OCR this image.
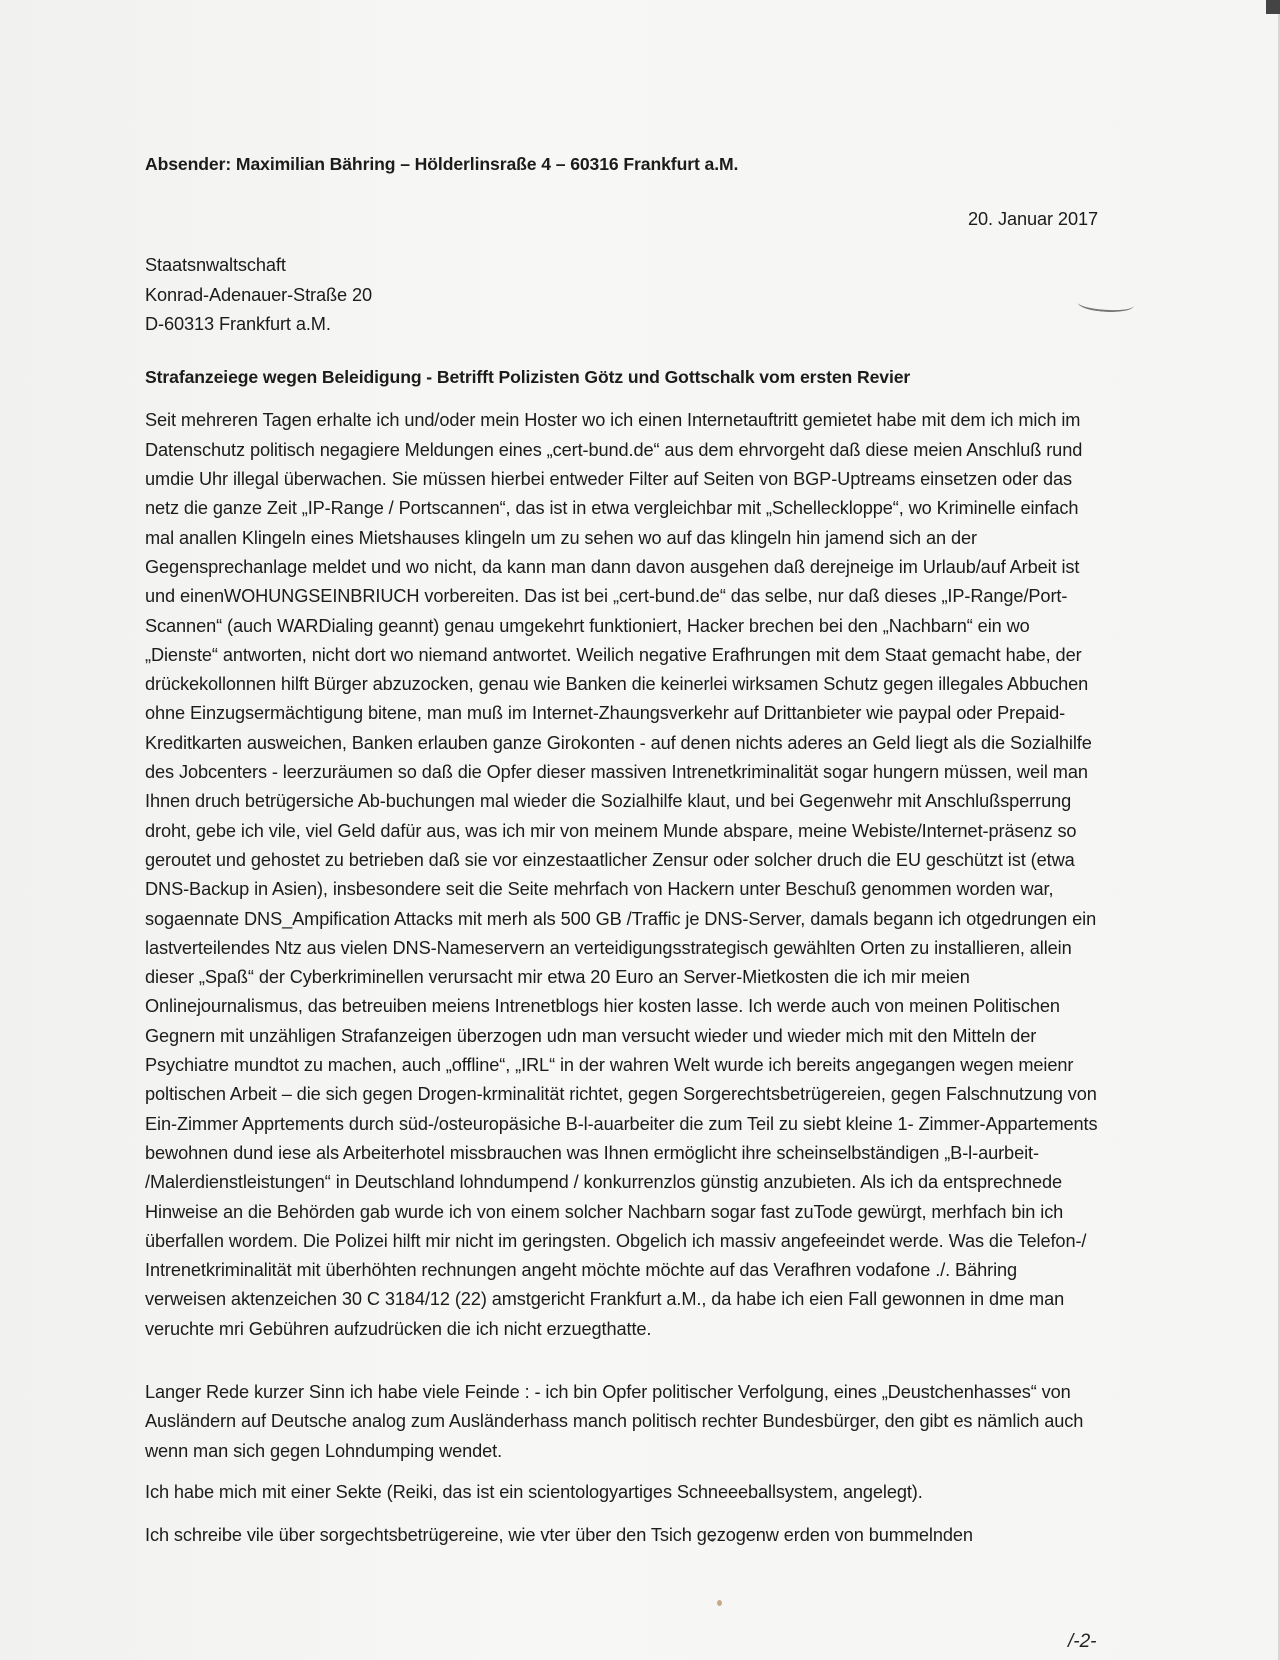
Absender: Maximilian Bähring – Hölderlinsraße 4 – 60316 Frankfurt a.M.

20. Januar 2017

Staatsnwaltschaft
Konrad-Adenauer-Straße 20
D-60313 Frankfurt a.M.

Strafanzeiege wegen Beleidigung - Betrifft Polizisten Götz und Gottschalk vom ersten Revier

Seit mehreren Tagen erhalte ich und/oder mein Hoster wo ich einen Internetauftritt gemietet habe mit dem ich mich im Datenschutz politisch negagiere Meldungen eines „cert-bund.de“ aus dem ehrvorgeht daß diese meien Anschluß rund umdie Uhr illegal überwachen. Sie müssen hierbei entweder Filter auf Seiten von BGP-Uptreams einsetzen oder das netz die ganze Zeit „IP-Range / Portscannen“, das ist in etwa vergleichbar mit „Schelleckloppe“, wo Kriminelle einfach mal anallen Klingeln eines Mietshauses klingeln um zu sehen wo auf das klingeln hin jamend sich an der Gegensprechanlage meldet und wo nicht, da kann man dann davon ausgehen daß derejneige im Urlaub/auf Arbeit ist und einenWOHUNGSEINBRIUCH vorbereiten. Das ist bei „cert-bund.de“ das selbe, nur daß dieses „IP-Range/Port-Scannen“ (auch WARDialing geannt) genau umgekehrt funktioniert, Hacker brechen bei den „Nachbarn“ ein wo „Dienste“ antworten, nicht dort wo niemand antwortet. Weilich negative Erafhrungen mit dem Staat gemacht habe, der drückekollonnen hilft Bürger abzuzocken, genau wie Banken die keinerlei wirksamen Schutz gegen illegales Abbuchen ohne Einzugsermächtigung bitene, man muß im Internet-Zhaungsverkehr auf Drittanbieter wie paypal oder Prepaid-Kreditkarten ausweichen, Banken erlauben ganze Girokonten - auf denen nichts aderes an Geld liegt als die Sozialhilfe des Jobcenters - leerzuräumen so daß die Opfer dieser massiven Intrenetkriminalität sogar hungern müssen, weil man Ihnen druch betrügersiche Ab-buchungen mal wieder die Sozialhilfe klaut, und bei Gegenwehr mit Anschlußsperrung droht, gebe ich vile, viel Geld dafür aus, was ich mir von meinem Munde abspare, meine Webiste/Internet-präsenz so geroutet und gehostet zu betrieben daß sie vor einzestaatlicher Zensur oder solcher druch die EU geschützt ist (etwa DNS-Backup in Asien), insbesondere seit die Seite mehrfach von Hackern unter Beschuß genommen worden war, sogaennate DNS_Ampification Attacks mit merh als 500 GB /Traffic je DNS-Server, damals begann ich otgedrungen ein lastverteilendes Ntz aus vielen DNS-Nameservern an verteidigungsstrategisch gewählten Orten zu installieren, allein dieser „Spaß“ der Cyberkriminellen verursacht mir etwa 20 Euro an Server-Mietkosten die ich mir meien Onlinejournalismus, das betreuiben meiens Intrenetblogs hier kosten lasse. Ich werde auch von meinen Politischen Gegnern mit unzähligen Strafanzeigen überzogen udn man versucht wieder und wieder mich mit den Mitteln der Psychiatre mundtot zu machen, auch „offline“, „IRL“ in der wahren Welt wurde ich bereits angegangen wegen meienr poltischen Arbeit – die sich gegen Drogen-krminalität richtet, gegen Sorgerechtsbetrügereien, gegen Falschnutzung von Ein-Zimmer Apprtements durch süd-/osteuropäsiche B-l-auarbeiter die zum Teil zu siebt kleine 1- Zimmer-Appartements bewohnen dund iese als Arbeiterhotel missbrauchen was Ihnen ermöglicht ihre scheinselbständigen „B-l-aurbeit- /Malerdienstleistungen“ in Deutschland lohndumpend / konkurrenzlos günstig anzubieten. Als ich da entsprechnede Hinweise an die Behörden gab wurde ich von einem solcher Nachbarn sogar fast zuTode gewürgt, merhfach bin ich überfallen wordem. Die Polizei hilft mir nicht im geringsten. Obgelich ich massiv angefeeindet werde. Was die Telefon-/ Intrenetkriminalität mit überhöhten rechnungen angeht möchte möchte auf das Verafhren vodafone ./. Bähring verweisen aktenzeichen 30 C 3184/12 (22) amstgericht Frankfurt a.M., da habe ich eien Fall gewonnen in dme man veruchte mri Gebühren aufzudrücken die ich nicht erzuegthatte.

Langer Rede kurzer Sinn ich habe viele Feinde : - ich bin Opfer politischer Verfolgung, eines „Deustchenhasses“ von Ausländern auf Deutsche analog zum Ausländerhass manch politisch rechter Bundesbürger, den gibt es nämlich auch wenn man sich gegen Lohndumping wendet.

Ich habe mich mit einer Sekte (Reiki, das ist ein scientologyartiges Schneeeballsystem, angelegt).

Ich schreibe vile über sorgechtsbetrügereine, wie vter über den Tsich gezogenw erden von bummelnden

/-2-
